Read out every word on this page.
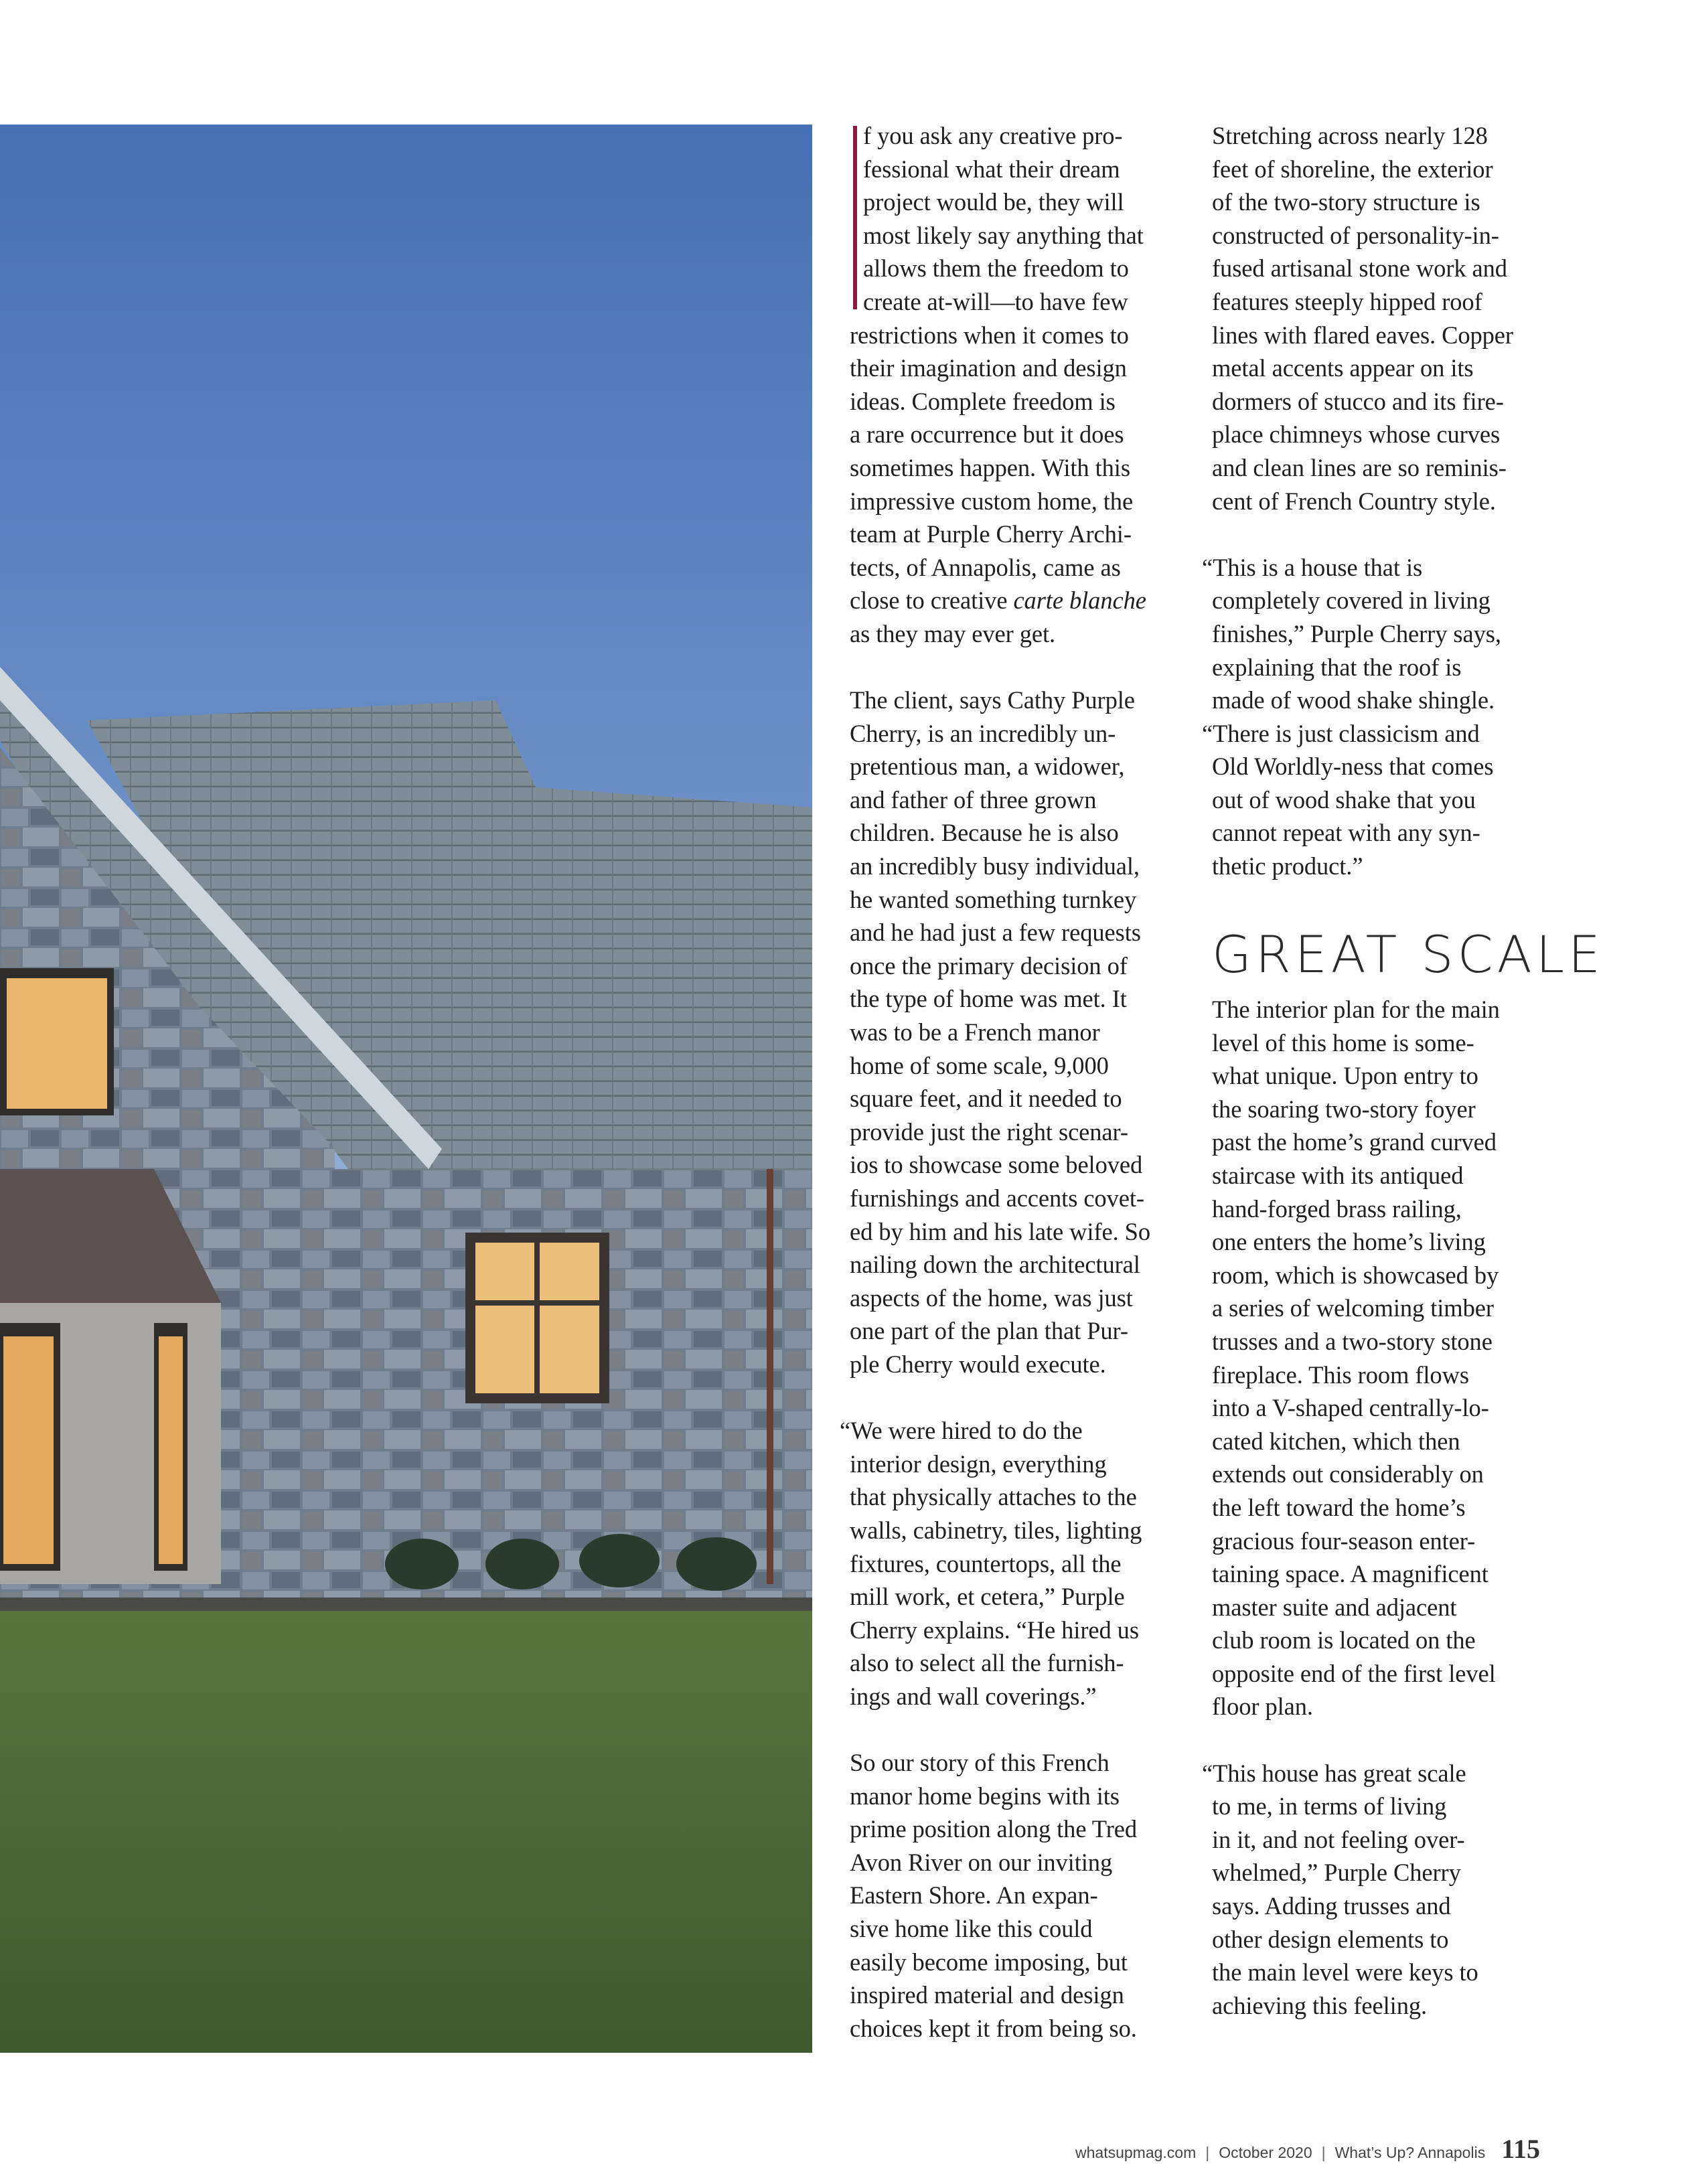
f you ask any creative pro-

fessional what their dream

project would be, they will

most likely say anything that

allows them the freedom to

create at-will—to have few

restrictions when it comes to

their imagination and design

ideas. Complete freedom is

a rare occurrence but it does

sometimes happen. With this

impressive custom home, the

team at Purple Cherry Archi-

tects, of Annapolis, came as

close to creative carte blanche

as they may ever get.

The client, says Cathy Purple

Cherry, is an incredibly un-

pretentious man, a widower,

and father of three grown

children. Because he is also

an incredibly busy individual,

he wanted something turnkey

and he had just a few requests

once the primary decision of

the type of home was met. It

was to be a French manor

home of some scale, 9,000

square feet, and it needed to

provide just the right scenar-

ios to showcase some beloved

furnishings and accents covet-

ed by him and his late wife. So

nailing down the architectural

aspects of the home, was just

one part of the plan that Pur-

ple Cherry would execute.

“We were hired to do the

interior design, everything

that physically attaches to the

walls, cabinetry, tiles, lighting

fixtures, countertops, all the

mill work, et cetera,” Purple

Cherry explains. “He hired us

also to select all the furnish-

ings and wall coverings.”

So our story of this French

manor home begins with its

prime position along the Tred

Avon River on our inviting

Eastern Shore. An expan-

sive home like this could

easily become imposing, but

inspired material and design

choices kept it from being so.

Stretching across nearly 128

feet of shoreline, the exterior

of the two-story structure is

constructed of personality-in-

fused artisanal stone work and

features steeply hipped roof

lines with flared eaves. Copper

metal accents appear on its

dormers of stucco and its fire-

place chimneys whose curves

and clean lines are so reminis-

cent of French Country style.

“This is a house that is

completely covered in living

finishes,” Purple Cherry says,

explaining that the roof is

made of wood shake shingle.

“There is just classicism and

Old Worldly-ness that comes

out of wood shake that you

cannot repeat with any syn-

thetic product.”

GREAT SCALE

The interior plan for the main

level of this home is some-

what unique. Upon entry to

the soaring two-story foyer

past the home’s grand curved

staircase with its antiqued

hand-forged brass railing,

one enters the home’s living

room, which is showcased by

a series of welcoming timber

trusses and a two-story stone

fireplace. This room flows

into a V-shaped centrally-lo-

cated kitchen, which then

extends out considerably on

the left toward the home’s

gracious four-season enter-

taining space. A magnificent

master suite and adjacent

club room is located on the

opposite end of the first level

floor plan.

“This house has great scale

to me, in terms of living

in it, and not feeling over-

whelmed,” Purple Cherry

says. Adding trusses and

other design elements to

the main level were keys to

achieving this feeling.

whatsupmag.com | October 2020 | What’s Up? Annapolis 115
